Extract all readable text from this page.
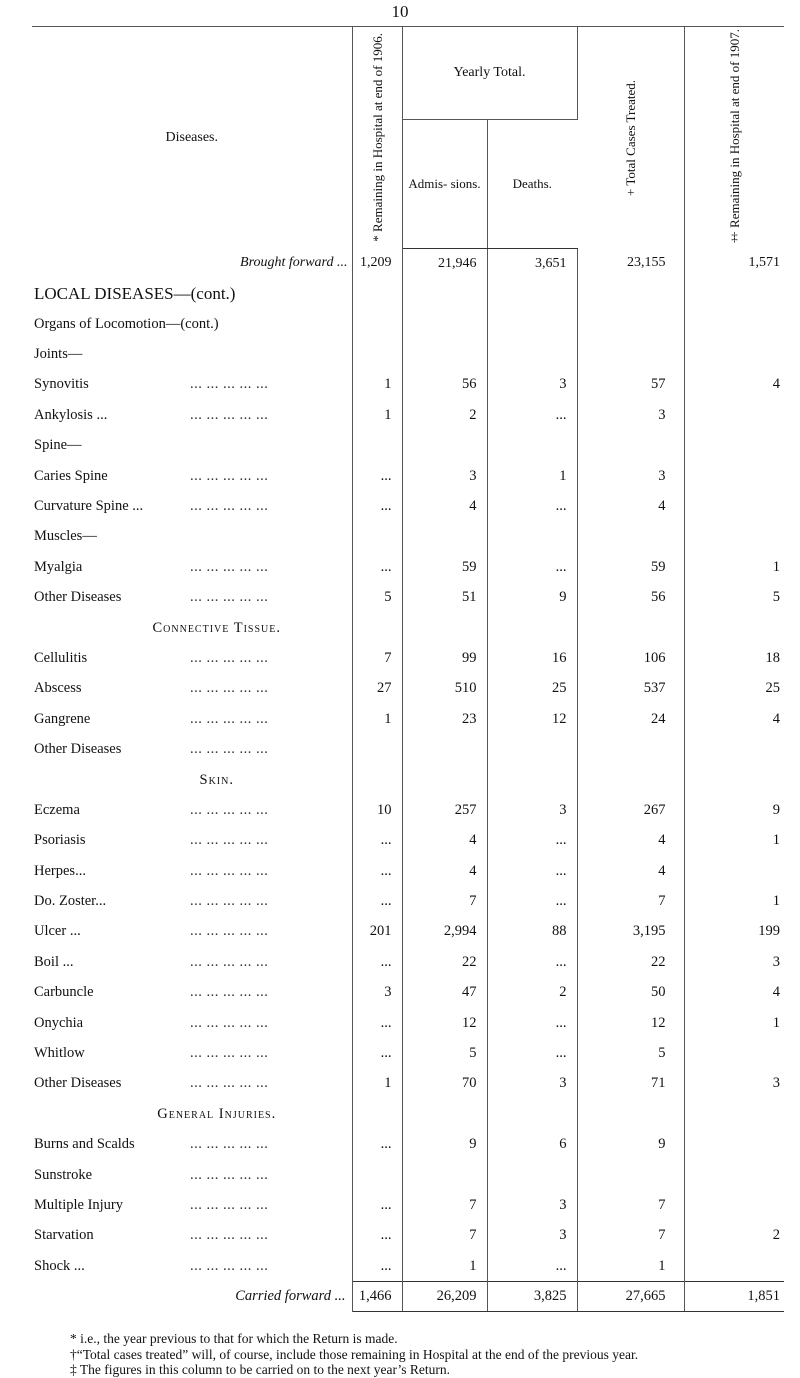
10
Diseases.	* Remaining in Hospital at end of 1906.	Yearly Total.		+ Total Cases Treated.	‡ Remaining in Hospital at end of 1907.

		Admis- sions.	Deaths.		
Brought forward ...	1,209	21,946	3,651	23,155	1,571
LOCAL DISEASES—(cont.)					
Organs of Locomotion—(cont.)					
Joints—					
Synovitis ... ... ... ... ...	1	56	3	57	4
Ankylosis ... ... ... ... ... ...	1	2	...	3	
Spine—					
Caries Spine ... ... ... ... ...	...	3	1	3	
Curvature Spine ... ... ... ... ... ...	...	4	...	4	
Muscles—					
Myalgia ... ... ... ... ...	...	59	...	59	1
Other Diseases ... ... ... ... ...	5	51	9	56	5
Connective Tissue.					
Cellulitis ... ... ... ... ...	7	99	16	106	18
Abscess ... ... ... ... ...	27	510	25	537	25
Gangrene ... ... ... ... ...	1	23	12	24	4
Other Diseases ... ... ... ... ...					

Skin.					
Eczema ... ... ... ... ...	10	257	3	267	9
Psoriasis ... ... ... ... ...	...	4	...	4	1
Herpes... ... ... ... ... ...	...	4	...	4	
Do. Zoster... ... ... ... ... ...	...	7	...	7	1
Ulcer ... ... ... ... ... ...	201	2,994	88	3,195	199
Boil ... ... ... ... ... ...	...	22	...	22	3
Carbuncle ... ... ... ... ...	3	47	2	50	4
Onychia ... ... ... ... ...	...	12	...	12	1
Whitlow ... ... ... ... ...	...	5	...	5	
Other Diseases ... ... ... ... ...	1	70	3	71	3
General Injuries.					
Burns and Scalds ... ... ... ... ...	...	9	6	9	
Sunstroke ... ... ... ... ...					

Multiple Injury ... ... ... ... ...	...	7	3	7	
Starvation ... ... ... ... ...	...	7	3	7	2
Shock ... ... ... ... ... ...	...	1	...	1	
Carried forward ...	1,466	26,209	3,825	27,665	1,851
* i.e., the year previous to that for which the Return is made.
†“Total cases treated” will, of course, include those remaining in Hospital at the end of the previous year.
‡ The figures in this column to be carried on to the next year’s Return.
